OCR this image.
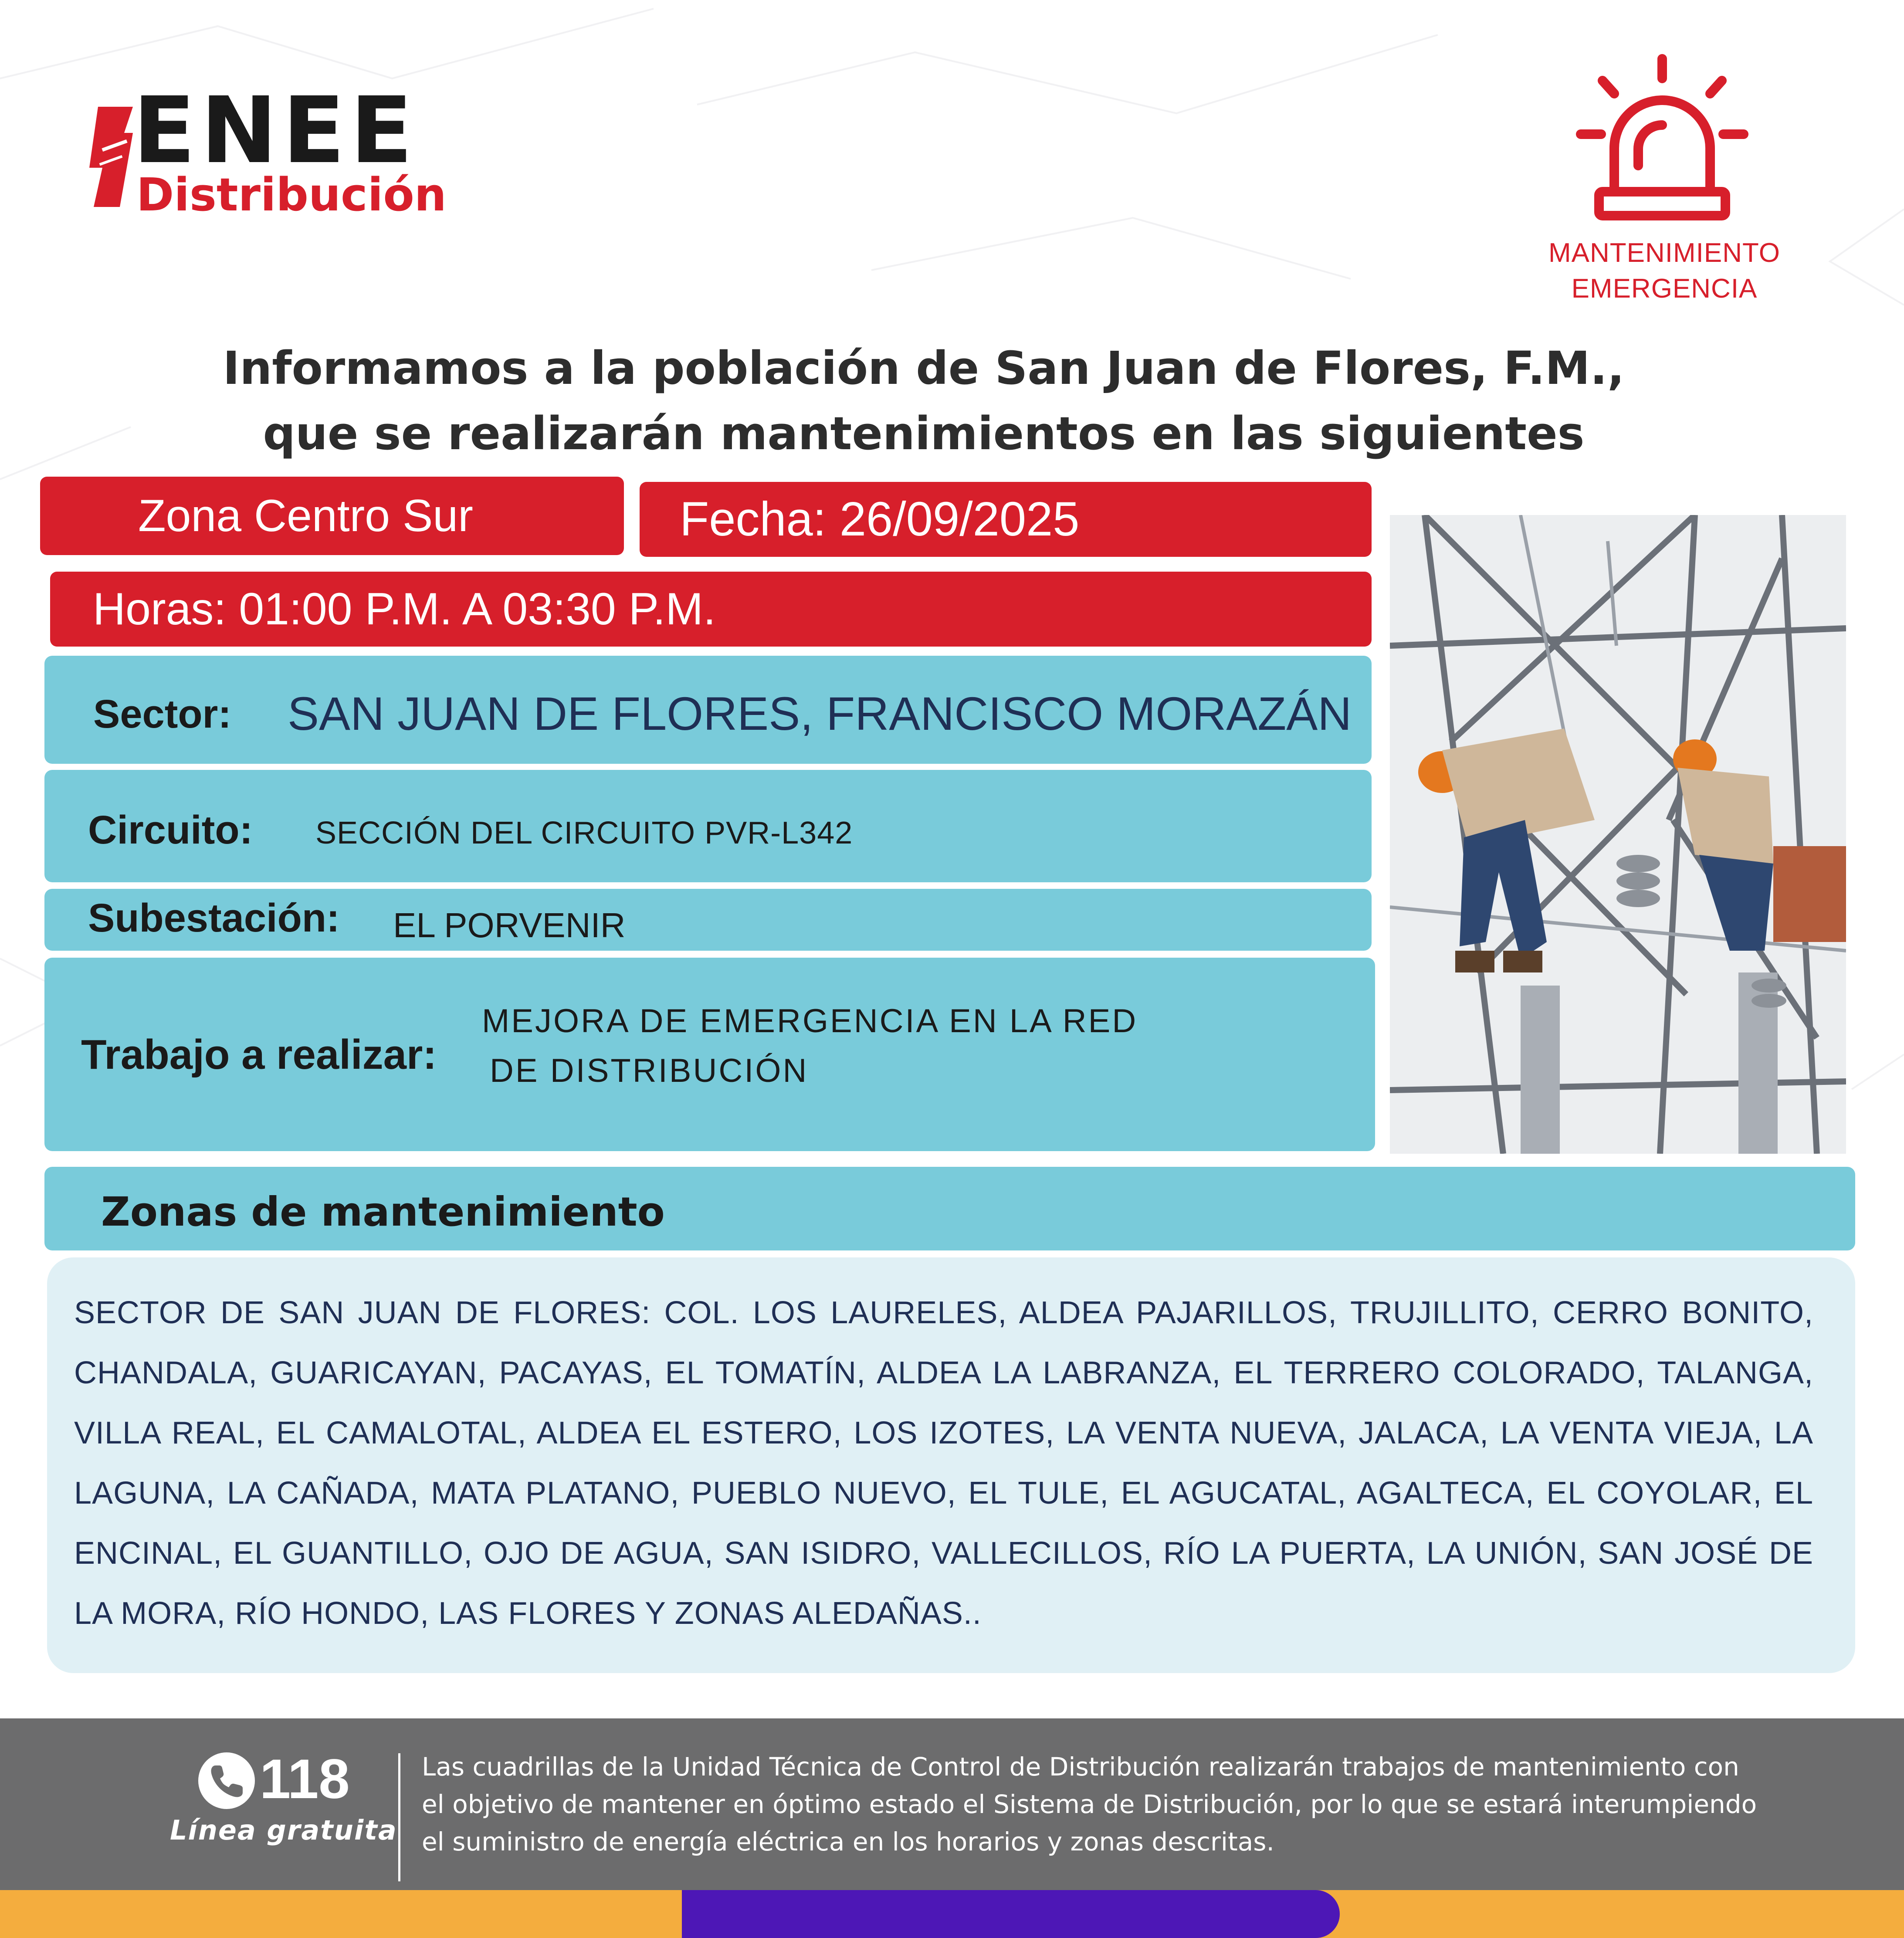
ENEE
Distribución
MANTENIMIENTO
EMERGENCIA
Informamos a la población de San Juan de Flores, F.M.,
que se realizarán mantenimientos en las siguientes
Zona Centro Sur	Fecha: 26/09/2025
Horas: 01:00 P.M. A 03:30 P.M.
Sector: SAN JUAN DE FLORES, FRANCISCO MORAZÁN
Circuito: SECCIÓN DEL CIRCUITO PVR-L342
Subestación: EL PORVENIR
Trabajo a realizar:
MEJORA DE EMERGENCIA EN LA RED
DE DISTRIBUCIÓN
Zonas de mantenimiento
SECTOR DE SAN JUAN DE FLORES: COL. LOS LAURELES, ALDEA PAJARILLOS, TRUJILLITO, CERRO BONITO, CHANDALA, GUARICAYAN, PACAYAS, EL TOMATÍN, ALDEA LA LABRANZA, EL TERRERO COLORADO, TALANGA, VILLA REAL, EL CAMALOTAL, ALDEA EL ESTERO, LOS IZOTES, LA VENTA NUEVA, JALACA, LA VENTA VIEJA, LA LAGUNA, LA CAÑADA, MATA PLATANO, PUEBLO NUEVO, EL TULE, EL AGUCATAL, AGALTECA, EL COYOLAR, EL ENCINAL, EL GUANTILLO, OJO DE AGUA, SAN ISIDRO, VALLECILLOS, RÍO LA PUERTA, LA UNIÓN, SAN JOSÉ DE LA MORA, RÍO HONDO, LAS FLORES Y ZONAS ALEDAÑAS..
118
Línea gratuita
Las cuadrillas de la Unidad Técnica de Control de Distribución realizarán trabajos de mantenimiento con
el objetivo de mantener en óptimo estado el Sistema de Distribución, por lo que se estará interumpiendo
el suministro de energía eléctrica en los horarios y zonas descritas.
